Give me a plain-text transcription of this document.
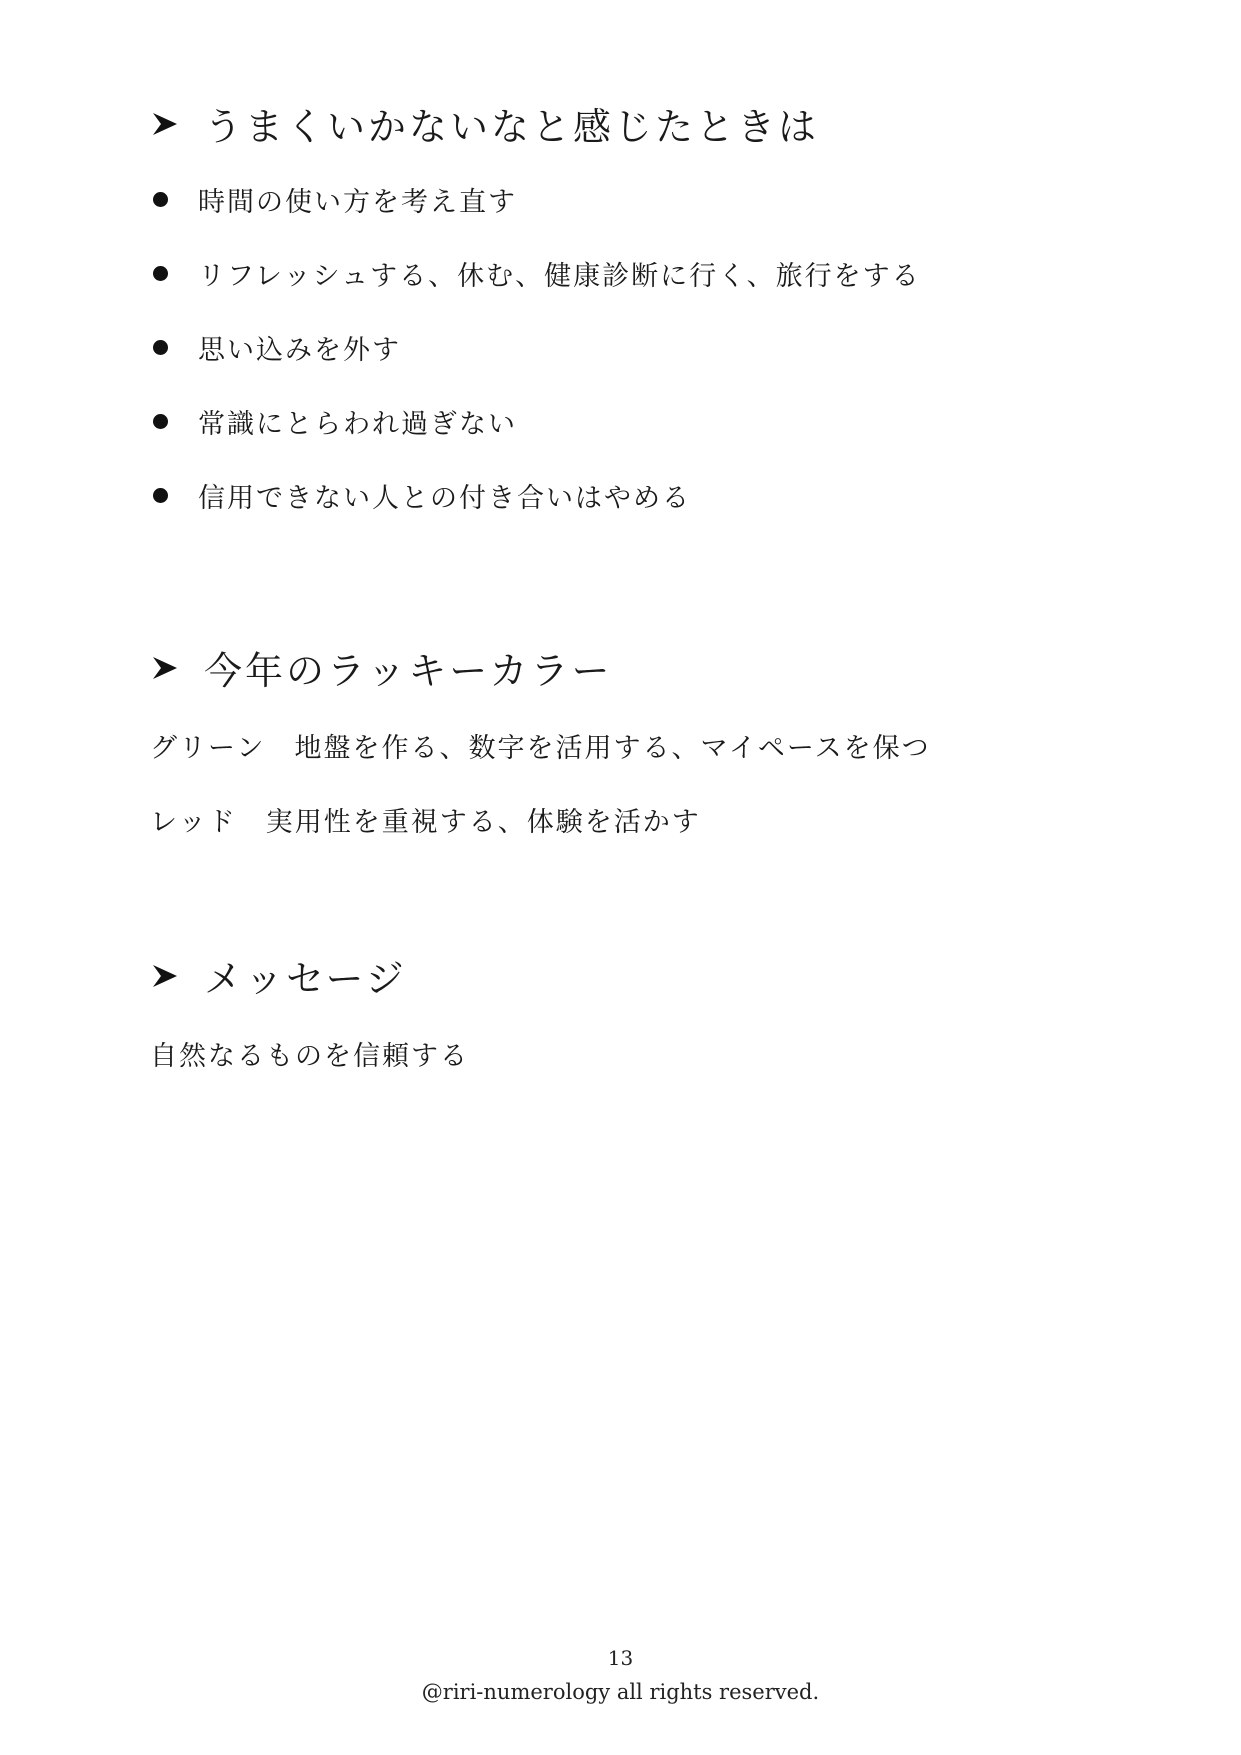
うまくいかないなと感じたときは
時間の使い方を考え直す
リフレッシュする、休む、健康診断に行く、旅行をする
思い込みを外す
常識にとらわれ過ぎない
信用できない人との付き合いはやめる
今年のラッキーカラー
グリーン　地盤を作る、数字を活用する、マイペースを保つ
レッド　実用性を重視する、体験を活かす
メッセージ
自然なるものを信頼する
13
@riri-numerology all rights reserved.
